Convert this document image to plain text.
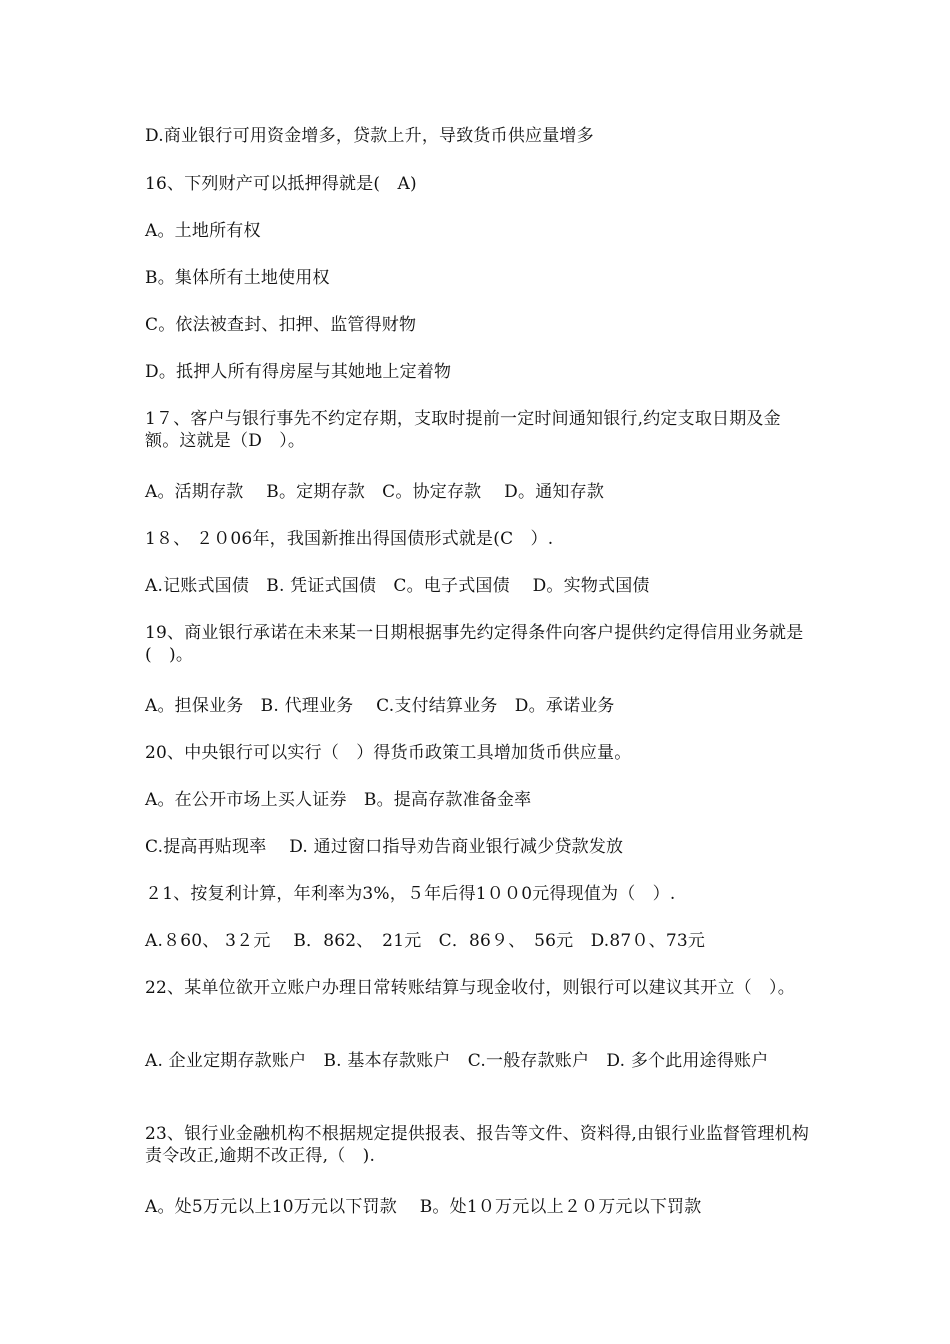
D.商业银行可用资金增多，贷款上升，导致货币供应量增多
16、下列财产可以抵押得就是(　A)
A。土地所有权
B。集体所有土地使用权
C。依法被查封、扣押、监管得财物
D。抵押人所有得房屋与其她地上定着物
1７、客户与银行事先不约定存期，支取时提前一定时间通知银行,约定支取日期及金额。这就是（D　）。
A。活期存款　 B。定期存款　C。协定存款　 D。通知存款
1８、 ２０06年，我国新推出得国债形式就是(C　）.
A.记账式国债　B. 凭证式国债　C。电子式国债　 D。实物式国债
19、商业银行承诺在未来某一日期根据事先约定得条件向客户提供约定得信用业务就是(　)。
A。担保业务　B. 代理业务　 C.支付结算业务　D。承诺业务
20、中央银行可以实行（　）得货币政策工具增加货币供应量。
A。在公开市场上买人证券　B。提高存款准备金率
C.提高再贴现率　 D. 通过窗口指导劝告商业银行减少贷款发放
２1、按复利计算，年利率为3%，５年后得1００0元得现值为（　）.
A.８60、 3２元　 B．862、　21元　C．86９、　56元　D.87０、73元
22、某单位欲开立账户办理日常转账结算与现金收付，则银行可以建议其开立（　）。
A. 企业定期存款账户　B. 基本存款账户　C.一般存款账户　D. 多个此用途得账户
23、银行业金融机构不根据规定提供报表、报告等文件、资料得,由银行业监督管理机构责令改正,逾期不改正得,（　).
A。处5万元以上10万元以下罚款　 B。处1０万元以上２０万元以下罚款
